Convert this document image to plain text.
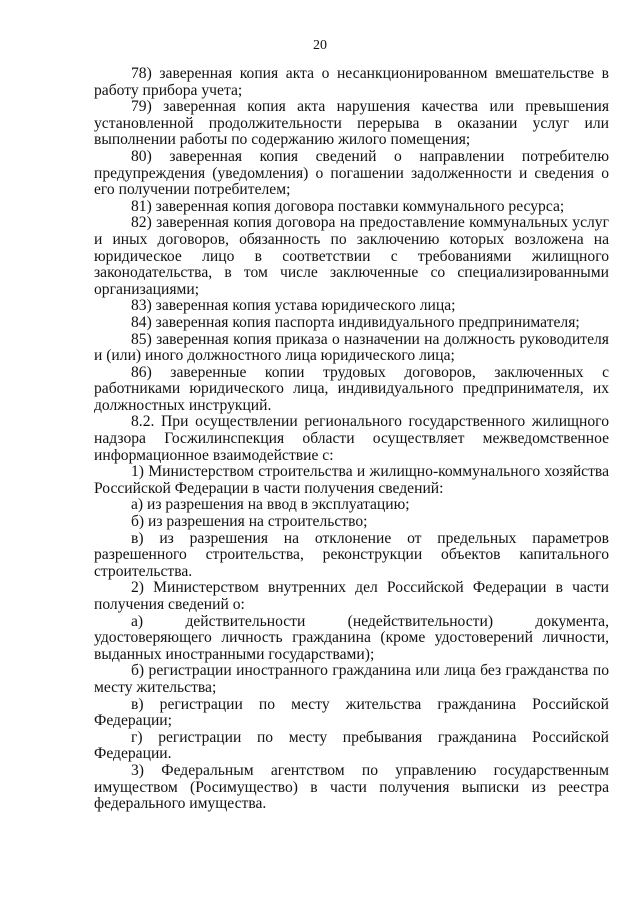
20

78) заверенная копия акта о несанкционированном вмешательстве в работу прибора учета;

79) заверенная копия акта нарушения качества или превышения установленной продолжительности перерыва в оказании услуг или выполнении работы по содержанию жилого помещения;

80) заверенная копия сведений о направлении потребителю предупреждения (уведомления) о погашении задолженности и сведения о его получении потребителем;

81) заверенная копия договора поставки коммунального ресурса;

82) заверенная копия договора на предоставление коммунальных услуг и иных договоров, обязанность по заключению которых возложена на юридическое лицо в соответствии с требованиями жилищного законодательства, в том числе заключенные со специализированными организациями;

83) заверенная копия устава юридического лица;

84) заверенная копия паспорта индивидуального предпринимателя;

85) заверенная копия приказа о назначении на должность руководителя и (или) иного должностного лица юридического лица;

86) заверенные копии трудовых договоров, заключенных с работниками юридического лица, индивидуального предпринимателя, их должностных инструкций.

8.2. При осуществлении регионального государственного жилищного надзора Госжилинспекция области осуществляет межведомственное информационное взаимодействие с:

1) Министерством строительства и жилищно-коммунального хозяйства Российской Федерации в части получения сведений:

а) из разрешения на ввод в эксплуатацию;

б) из разрешения на строительство;

в) из разрешения на отклонение от предельных параметров разрешенного строительства, реконструкции объектов капитального строительства.

2) Министерством внутренних дел Российской Федерации в части получения сведений о:

а) действительности (недействительности) документа, удостоверяющего личность гражданина (кроме удостоверений личности, выданных иностранными государствами);

б) регистрации иностранного гражданина или лица без гражданства по месту жительства;

в) регистрации по месту жительства гражданина Российской Федерации;

г) регистрации по месту пребывания гражданина Российской Федерации.

3) Федеральным агентством по управлению государственным имуществом (Росимущество) в части получения выписки из реестра федерального имущества.
